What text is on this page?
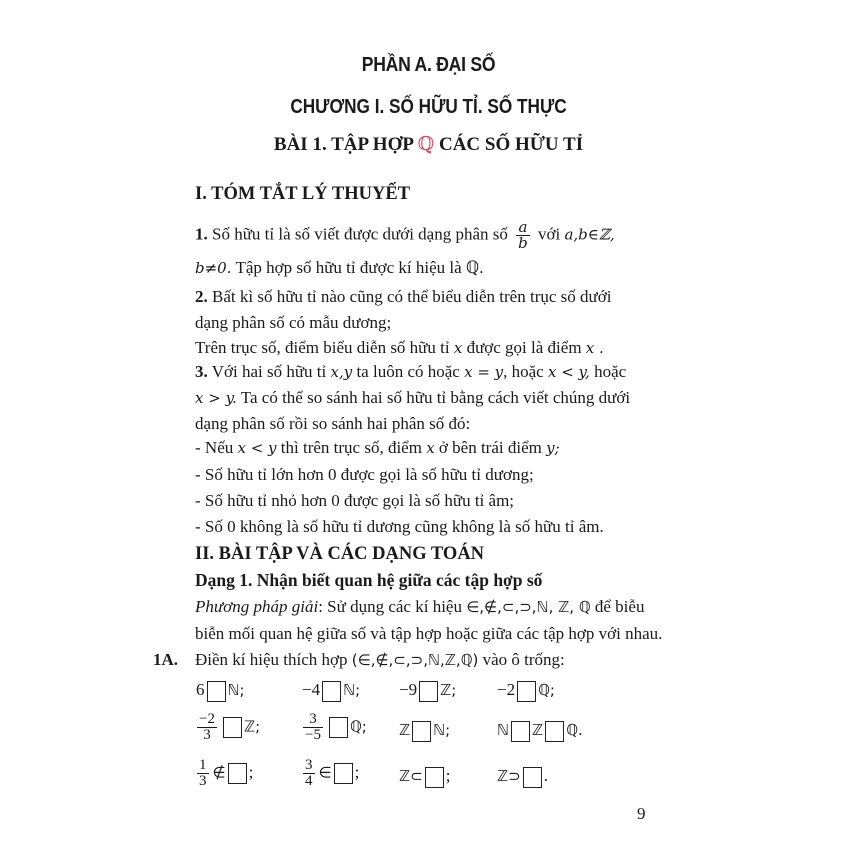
PHẦN A. ĐẠI SỐ
CHƯƠNG I. SỐ HỮU TỈ. SỐ THỰC
BÀI 1. TẬP HỢP ℚ CÁC SỐ HỮU TỈ
I. TÓM TẮT LÝ THUYẾT
1. Số hữu tỉ là số viết được dưới dạng phân số $\frac{a}{b}$ với a,b∈ℤ,
b≠0. Tập hợp số hữu tỉ được kí hiệu là ℚ.
2. Bất kì số hữu tỉ nào cũng có thể biểu diễn trên trục số dưới
dạng phân số có mẫu dương;
Trên trục số, điểm biểu diễn số hữu tỉ x được gọi là điểm x .
3. Với hai số hữu tỉ x,y ta luôn có hoặc x = y, hoặc x < y, hoặc
x > y. Ta có thể so sánh hai số hữu tỉ bằng cách viết chúng dưới
dạng phân số rồi so sánh hai phân số đó:
- Nếu x < y thì trên trục số, điểm x ở bên trái điểm y;
- Số hữu tỉ lớn hơn 0 được gọi là số hữu tỉ dương;
- Số hữu tỉ nhỏ hơn 0 được gọi là số hữu tỉ âm;
- Số 0 không là số hữu tỉ dương cũng không là số hữu tỉ âm.
II. BÀI TẬP VÀ CÁC DẠNG TOÁN
Dạng 1. Nhận biết quan hệ giữa các tập hợp số
Phương pháp giải: Sử dụng các kí hiệu ∈,∉,⊂,⊃,ℕ, ℤ, ℚ để biễu
biễn mối quan hệ giữa số và tập hợp hoặc giữa các tập hợp với nhau.
1A. Điền kí hiệu thích hợp (∈,∉,⊂,⊃,ℕ,ℤ,ℚ) vào ô trống:
6 ℕ;	−4 ℕ; −9 ℤ; −2 ℚ;
$\frac{-2}{3}$ ℤ;	$\frac{3}{-5}$ ℚ; ℤ ℕ;	ℕ ℤ ℚ.
$\frac{1}{3}$ ∉ ;	$\frac{3}{4}$ ∈ ;	ℤ⊂ ;	ℤ⊃ .
9
